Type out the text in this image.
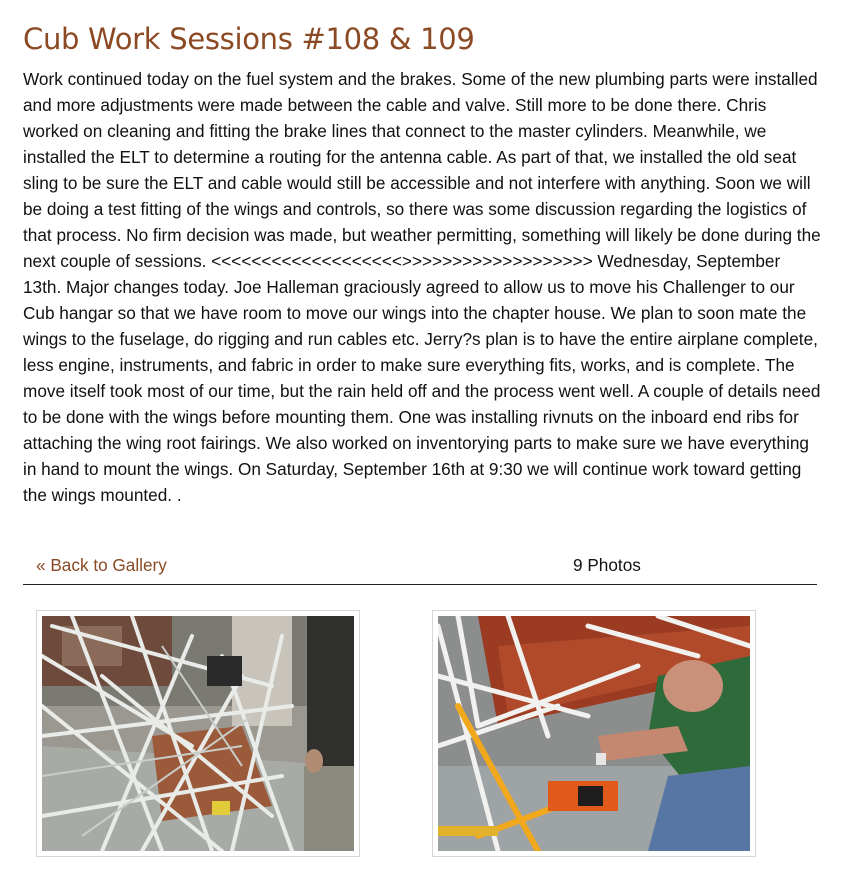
Cub Work Sessions #108 & 109

Work continued today on the fuel system and the brakes. Some of the new plumbing parts were installed and more adjustments were made between the cable and valve. Still more to be done there. Chris worked on cleaning and fitting the brake lines that connect to the master cylinders. Meanwhile, we installed the ELT to determine a routing for the antenna cable. As part of that, we installed the old seat sling to be sure the ELT and cable would still be accessible and not interfere with anything. Soon we will be doing a test fitting of the wings and controls, so there was some discussion regarding the logistics of that process. No firm decision was made, but weather permitting, something will likely be done during the next couple of sessions. <<<<<<<<<<<<<<<<<<<>>>>>>>>>>>>>>>>>>> Wednesday, September 13th. Major changes today. Joe Halleman graciously agreed to allow us to move his Challenger to our Cub hangar so that we have room to move our wings into the chapter house. We plan to soon mate the wings to the fuselage, do rigging and run cables etc. Jerry?s plan is to have the entire airplane complete, less engine, instruments, and fabric in order to make sure everything fits, works, and is complete. The move itself took most of our time, but the rain held off and the process went well. A couple of details need to be done with the wings before mounting them. One was installing rivnuts on the inboard end ribs for attaching the wing root fairings. We also worked on inventorying parts to make sure we have everything in hand to mount the wings. On Saturday, September 16th at 9:30 we will continue work toward getting the wings mounted. .

« Back to Gallery	9 Photos
